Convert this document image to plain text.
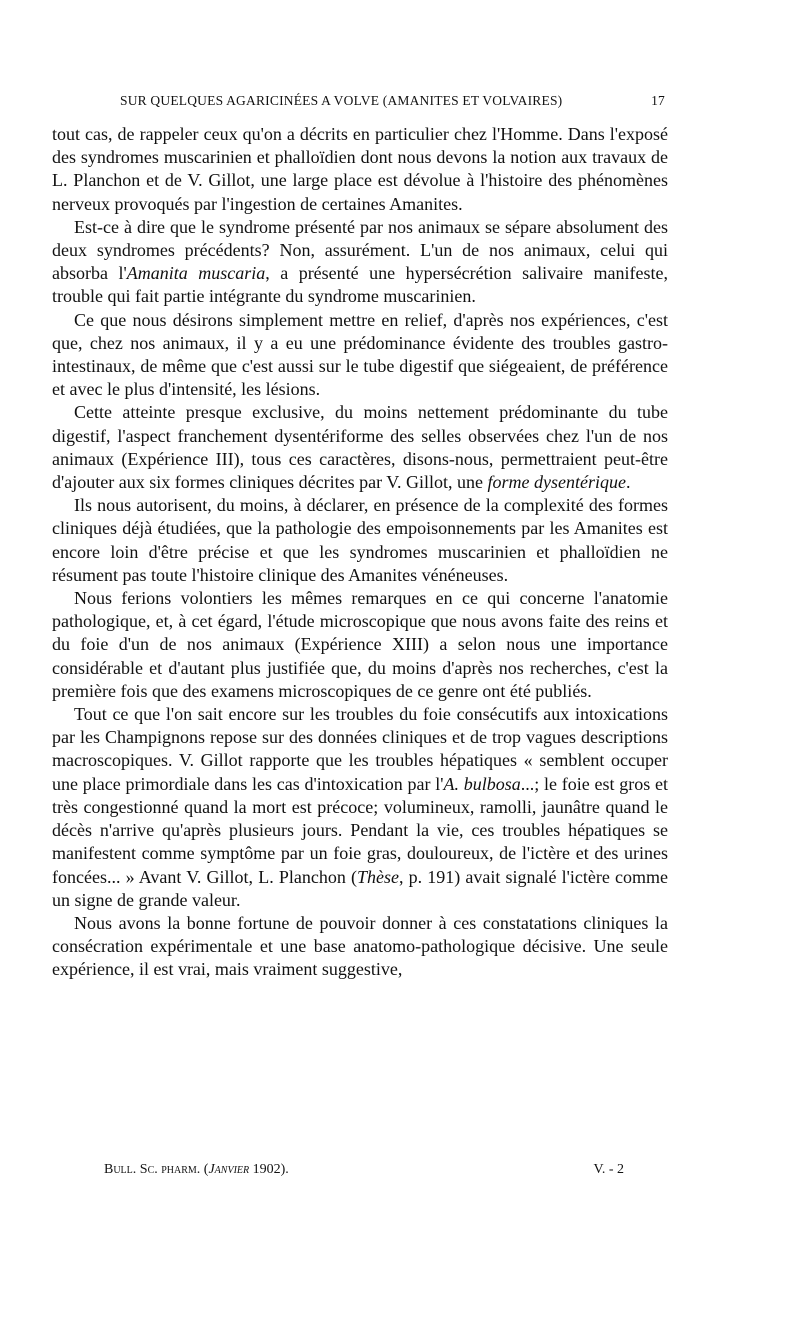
SUR QUELQUES AGARICINÉES A VOLVE (AMANITES ET VOLVAIRES)	17

tout cas, de rappeler ceux qu'on a décrits en particulier chez l'Homme. Dans l'exposé des syndromes muscarinien et phalloïdien dont nous devons la notion aux travaux de L. Planchon et de V. Gillot, une large place est dévolue à l'histoire des phénomènes nerveux provoqués par l'ingestion de certaines Amanites.

Est-ce à dire que le syndrome présenté par nos animaux se sépare absolument des deux syndromes précédents? Non, assurément. L'un de nos animaux, celui qui absorba l'Amanita muscaria, a présenté une hypersécrétion salivaire manifeste, trouble qui fait partie intégrante du syndrome muscarinien.

Ce que nous désirons simplement mettre en relief, d'après nos expériences, c'est que, chez nos animaux, il y a eu une prédominance évidente des troubles gastro-intestinaux, de même que c'est aussi sur le tube digestif que siégeaient, de préférence et avec le plus d'intensité, les lésions.

Cette atteinte presque exclusive, du moins nettement prédominante du tube digestif, l'aspect franchement dysentériforme des selles observées chez l'un de nos animaux (Expérience III), tous ces caractères, disons-nous, permettraient peut-être d'ajouter aux six formes cliniques décrites par V. Gillot, une forme dysentérique.

Ils nous autorisent, du moins, à déclarer, en présence de la complexité des formes cliniques déjà étudiées, que la pathologie des empoisonnements par les Amanites est encore loin d'être précise et que les syndromes muscarinien et phalloïdien ne résument pas toute l'histoire clinique des Amanites vénéneuses.

Nous ferions volontiers les mêmes remarques en ce qui concerne l'anatomie pathologique, et, à cet égard, l'étude microscopique que nous avons faite des reins et du foie d'un de nos animaux (Expérience XIII) a selon nous une importance considérable et d'autant plus justifiée que, du moins d'après nos recherches, c'est la première fois que des examens microscopiques de ce genre ont été publiés.

Tout ce que l'on sait encore sur les troubles du foie consécutifs aux intoxications par les Champignons repose sur des données cliniques et de trop vagues descriptions macroscopiques. V. Gillot rapporte que les troubles hépatiques « semblent occuper une place primordiale dans les cas d'intoxication par l'A. bulbosa...; le foie est gros et très congestionné quand la mort est précoce; volumineux, ramolli, jaunâtre quand le décès n'arrive qu'après plusieurs jours. Pendant la vie, ces troubles hépatiques se manifestent comme symptôme par un foie gras, douloureux, de l'ictère et des urines foncées... » Avant V. Gillot, L. Planchon (Thèse, p. 191) avait signalé l'ictère comme un signe de grande valeur.

Nous avons la bonne fortune de pouvoir donner à ces constatations cliniques la consécration expérimentale et une base anatomo-pathologique décisive. Une seule expérience, il est vrai, mais vraiment suggestive,

Bull. Sc. pharm. (Janvier 1902).	V. - 2
